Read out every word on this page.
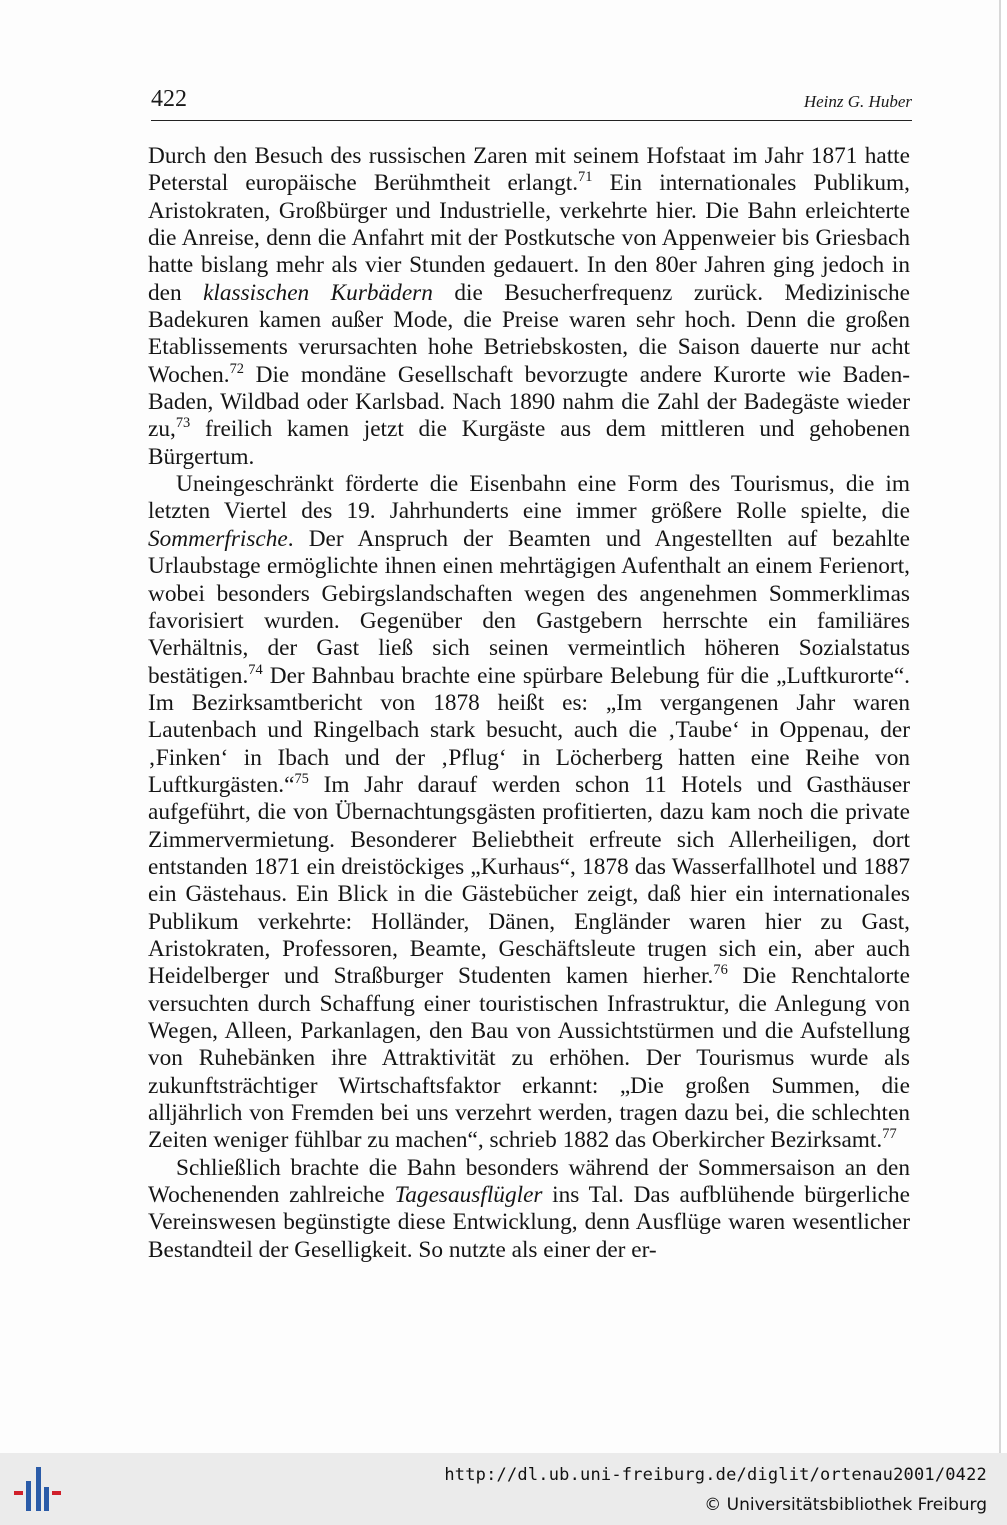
422	Heinz G. Huber

Durch den Besuch des russischen Zaren mit seinem Hofstaat im Jahr 1871 hatte Peterstal europäische Berühmtheit erlangt.$^{71}$ Ein internationales Publikum, Aristokraten, Großbürger und Industrielle, verkehrte hier. Die Bahn erleichterte die Anreise, denn die Anfahrt mit der Postkutsche von Appenweier bis Griesbach hatte bislang mehr als vier Stunden gedauert. In den 80er Jahren ging jedoch in den klassischen Kurbädern die Besucherfrequenz zurück. Medizinische Badekuren kamen außer Mode, die Preise waren sehr hoch. Denn die großen Etablissements verursachten hohe Betriebskosten, die Saison dauerte nur acht Wochen.$^{72}$ Die mondäne Gesellschaft bevorzugte andere Kurorte wie Baden-Baden, Wildbad oder Karlsbad. Nach 1890 nahm die Zahl der Badegäste wieder zu,$^{73}$ freilich kamen jetzt die Kurgäste aus dem mittleren und gehobenen Bürgertum.

Uneingeschränkt förderte die Eisenbahn eine Form des Tourismus, die im letzten Viertel des 19. Jahrhunderts eine immer größere Rolle spielte, die Sommerfrische. Der Anspruch der Beamten und Angestellten auf bezahlte Urlaubstage ermöglichte ihnen einen mehrtägigen Aufenthalt an einem Ferienort, wobei besonders Gebirgslandschaften wegen des angenehmen Sommerklimas favorisiert wurden. Gegenüber den Gastgebern herrschte ein familiäres Verhältnis, der Gast ließ sich seinen vermeintlich höheren Sozialstatus bestätigen.$^{74}$ Der Bahnbau brachte eine spürbare Belebung für die „Luftkurorte“. Im Bezirksamtbericht von 1878 heißt es: „Im vergangenen Jahr waren Lautenbach und Ringelbach stark besucht, auch die ‚Taube‘ in Oppenau, der ‚Finken‘ in Ibach und der ‚Pflug‘ in Löcherberg hatten eine Reihe von Luftkurgästen.“$^{75}$ Im Jahr darauf werden schon 11 Hotels und Gasthäuser aufgeführt, die von Übernachtungsgästen profitierten, dazu kam noch die private Zimmervermietung. Besonderer Beliebtheit erfreute sich Allerheiligen, dort entstanden 1871 ein dreistöckiges „Kurhaus“, 1878 das Wasserfallhotel und 1887 ein Gästehaus. Ein Blick in die Gästebücher zeigt, daß hier ein internationales Publikum verkehrte: Holländer, Dänen, Engländer waren hier zu Gast, Aristokraten, Professoren, Beamte, Geschäftsleute trugen sich ein, aber auch Heidelberger und Straßburger Studenten kamen hierher.$^{76}$ Die Renchtalorte versuchten durch Schaffung einer touristischen Infrastruktur, die Anlegung von Wegen, Alleen, Parkanlagen, den Bau von Aussichtstürmen und die Aufstellung von Ruhebänken ihre Attraktivität zu erhöhen. Der Tourismus wurde als zukunftsträchtiger Wirtschaftsfaktor erkannt: „Die großen Summen, die alljährlich von Fremden bei uns verzehrt werden, tragen dazu bei, die schlechten Zeiten weniger fühlbar zu machen“, schrieb 1882 das Oberkircher Bezirksamt.$^{77}$

Schließlich brachte die Bahn besonders während der Sommersaison an den Wochenenden zahlreiche Tagesausflügler ins Tal. Das aufblühende bürgerliche Vereinswesen begünstigte diese Entwicklung, denn Ausflüge waren wesentlicher Bestandteil der Geselligkeit. So nutzte als einer der er-

http://dl.ub.uni-freiburg.de/diglit/ortenau2001/0422
© Universitätsbibliothek Freiburg
